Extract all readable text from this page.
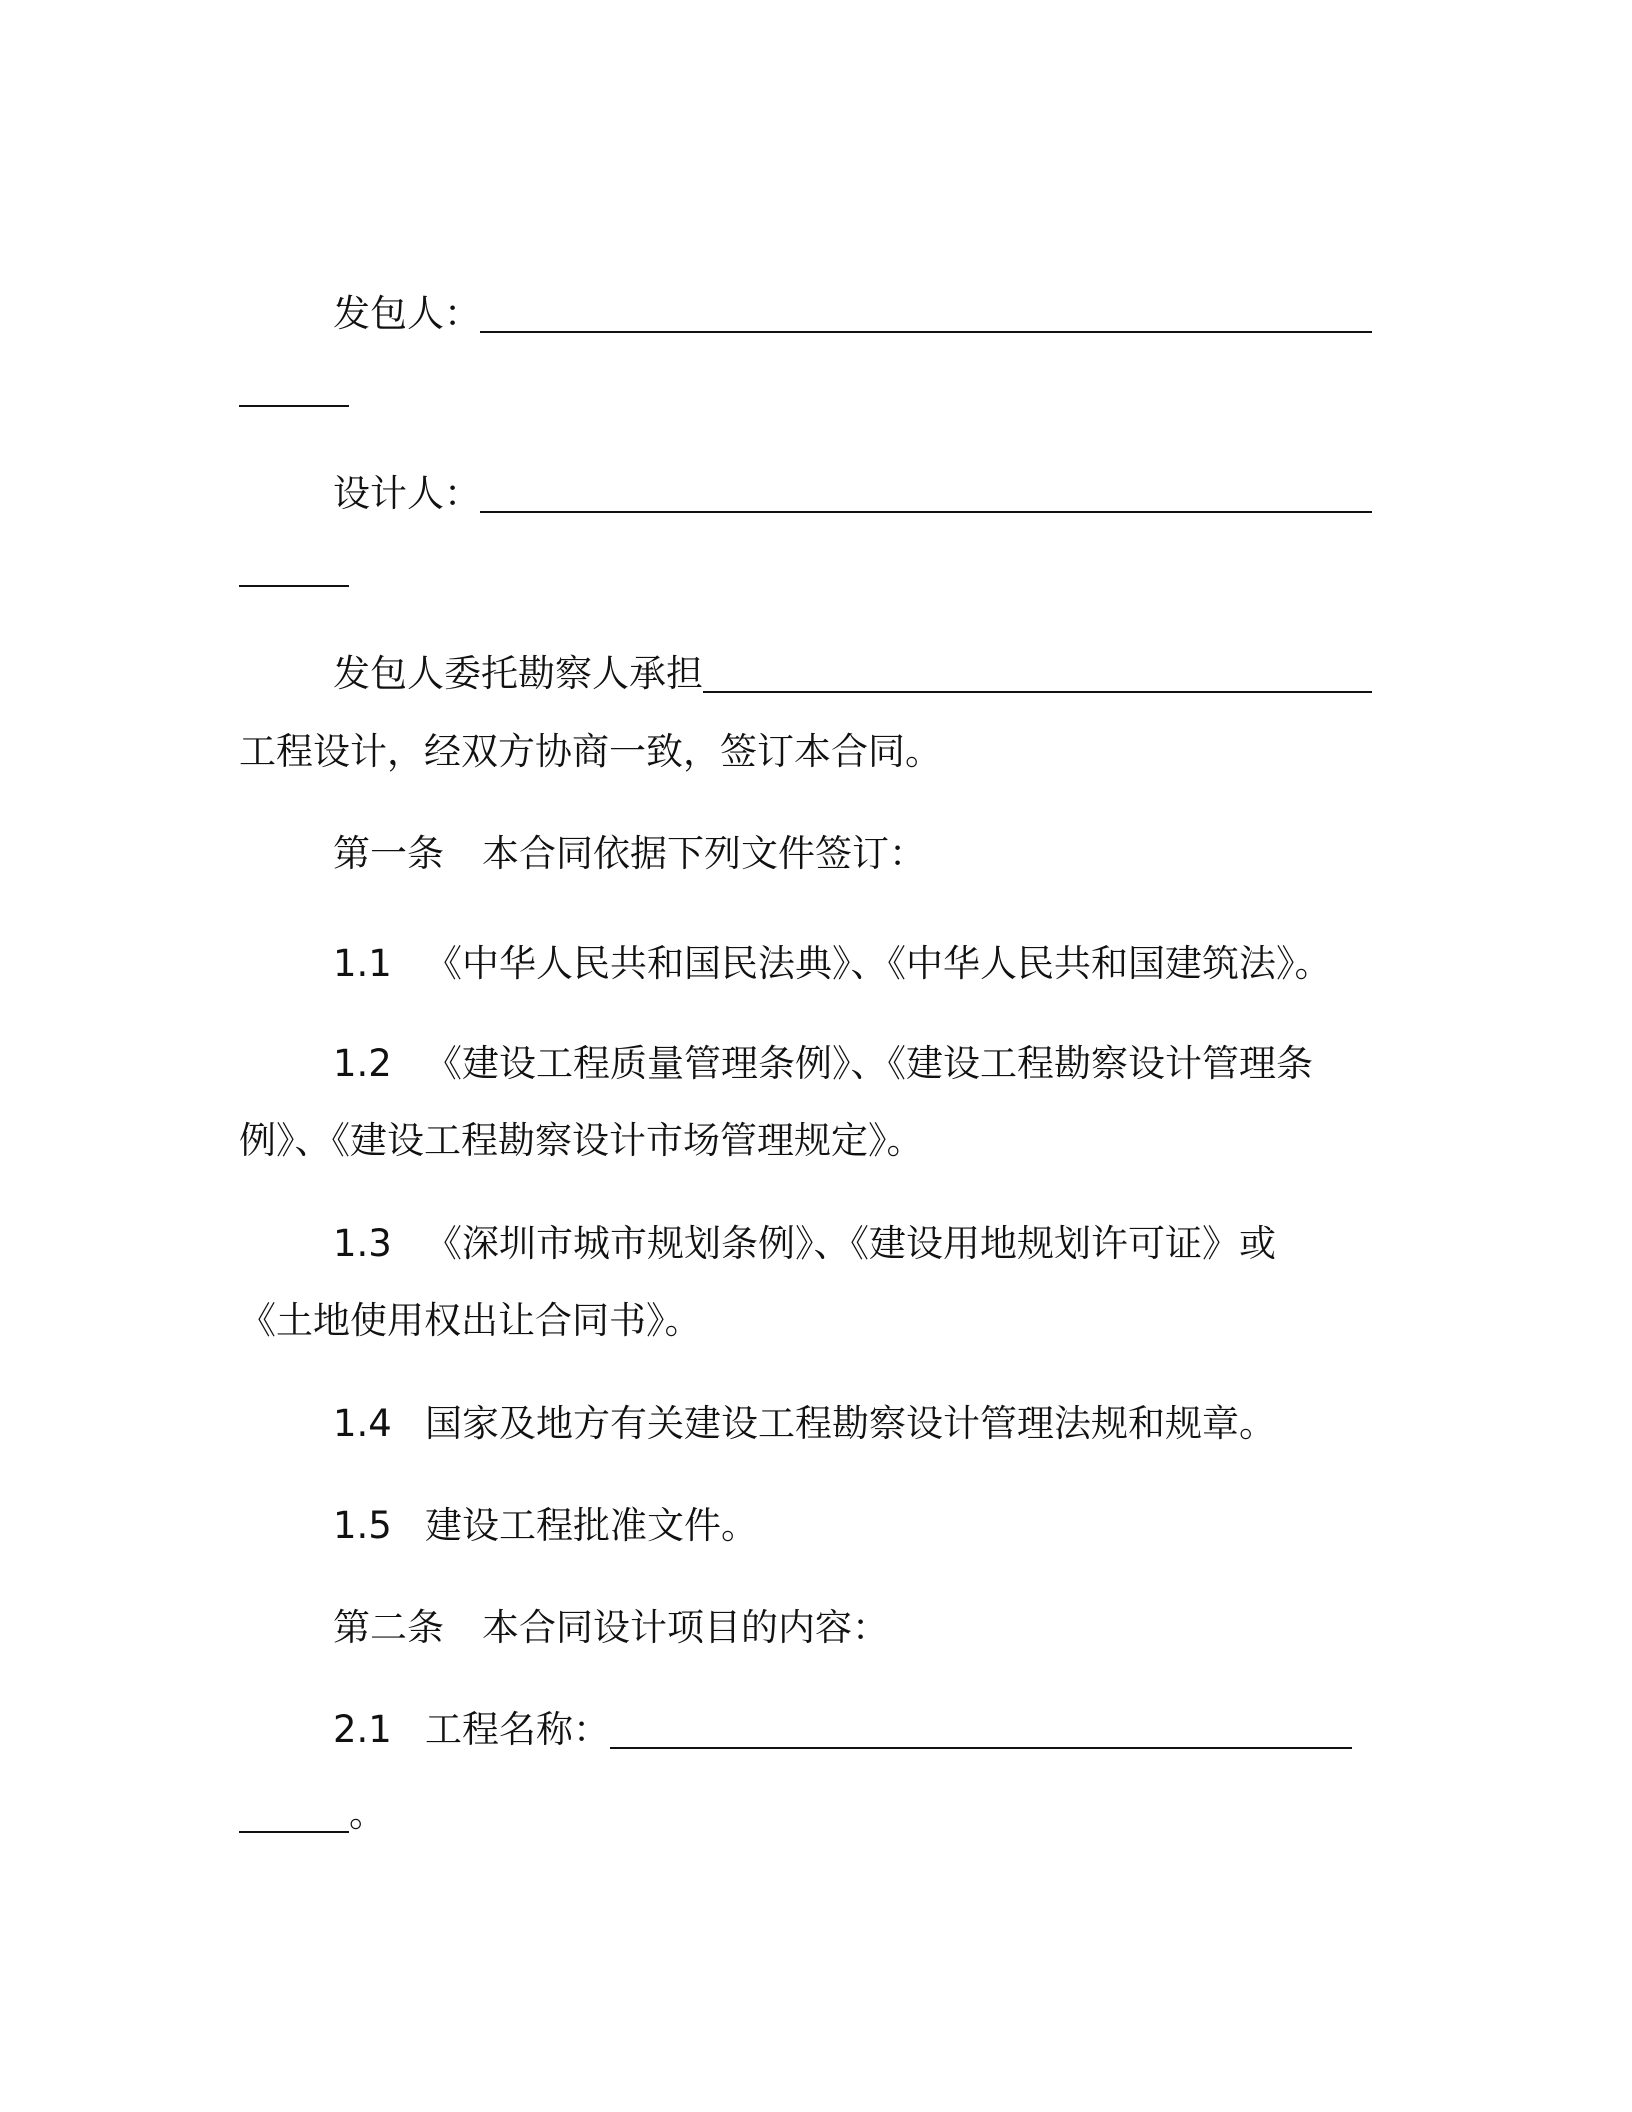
发包人：
设计人：
发包人委托勘察人承担
工程设计，经双方协商一致，签订本合同。
第一条 本合同依据下列文件签订：
1.1 《中华人民共和国民法典》、《中华人民共和国建筑法》。
1.2 《建设工程质量管理条例》、《建设工程勘察设计管理条
例》、《建设工程勘察设计市场管理规定》。
1.3 《深圳市城市规划条例》、《建设用地规划许可证》或
《土地使用权出让合同书》。
1.4 国家及地方有关建设工程勘察设计管理法规和规章。
1.5 建设工程批准文件。
第二条 本合同设计项目的内容：
2.1 工程名称：
。
